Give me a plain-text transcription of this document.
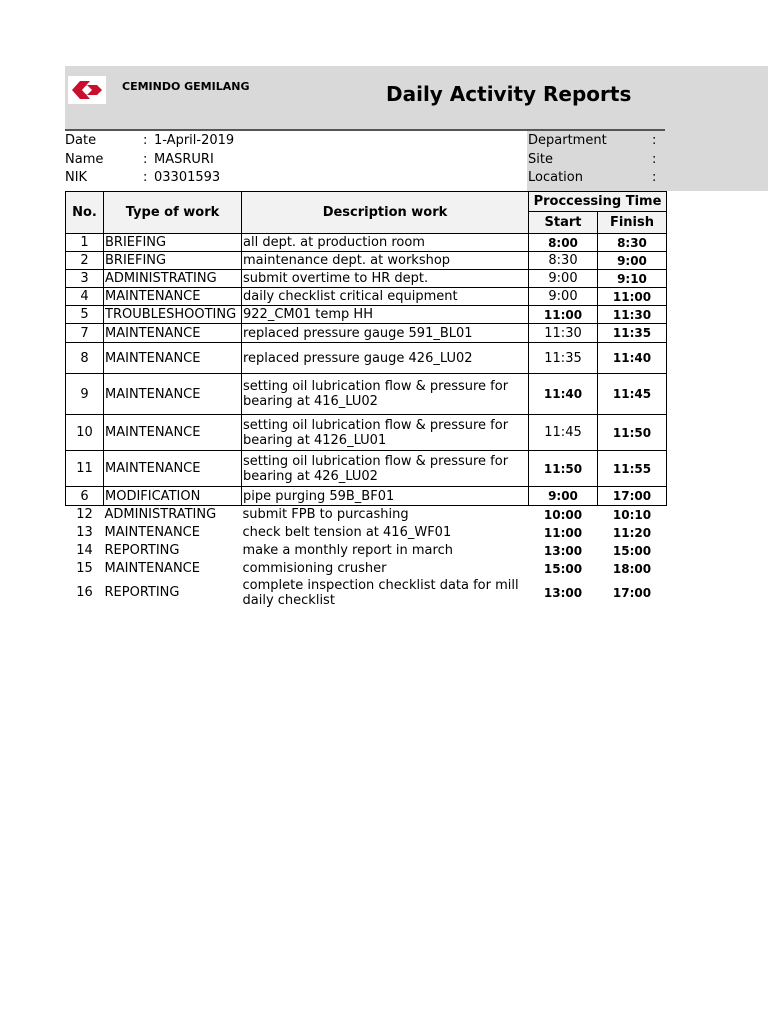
CEMINDO GEMILANG	Daily Activity Reports
Date	: 1-April-2019
Name	: MASRURI
NIK	: 03301593
Department	:
Site	:
Location	:
No.	Type of work	Description work	Proccessing Time	
			Start	Finish
1	BRIEFING	all dept. at production room	8:00	8:30
2	BRIEFING	maintenance dept. at workshop	8:30	9:00
3	ADMINISTRATING	submit overtime to HR dept.	9:00	9:10
4	MAINTENANCE	daily checklist critical equipment	9:00	11:00
5	TROUBLESHOOTING	922_CM01 temp HH	11:00	11:30
7	MAINTENANCE	replaced pressure gauge 591_BL01	11:30	11:35
8	MAINTENANCE	replaced pressure gauge 426_LU02	11:35	11:40
9	MAINTENANCE	setting oil lubrication flow & pressure for bearing at 416_LU02	11:40	11:45
10	MAINTENANCE	setting oil lubrication flow & pressure for bearing at 4126_LU01	11:45	11:50
11	MAINTENANCE	setting oil lubrication flow & pressure for bearing at 426_LU02	11:50	11:55
6	MODIFICATION	pipe purging 59B_BF01	9:00	17:00
12	ADMINISTRATING	submit FPB to purcashing	10:00	10:10
13	MAINTENANCE	check belt tension at 416_WF01	11:00	11:20
14	REPORTING	make a monthly report in march	13:00	15:00
15	MAINTENANCE	commisioning crusher	15:00	18:00
16	REPORTING	complete inspection checklist data for mill daily checklist	13:00	17:00
